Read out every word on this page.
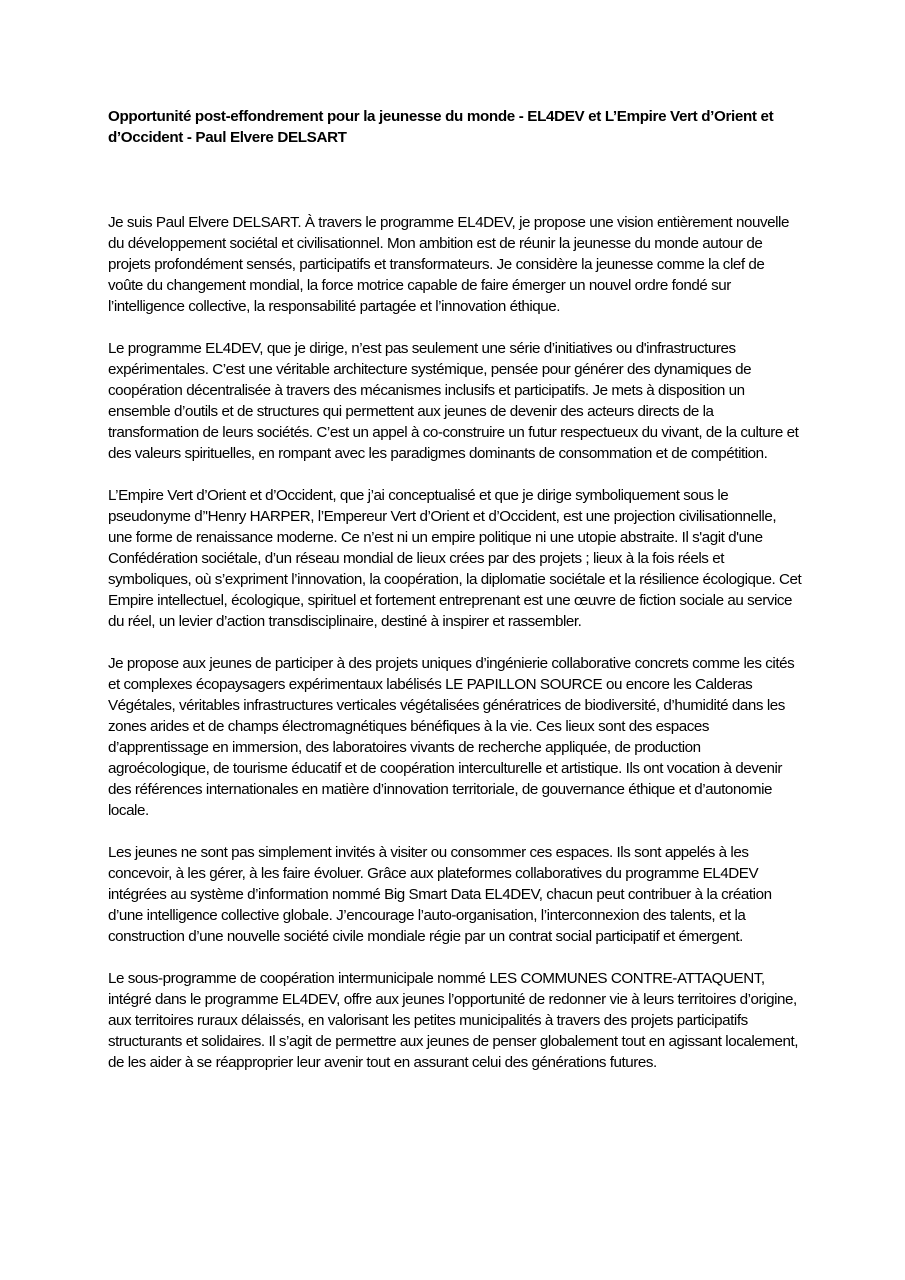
Opportunité post-effondrement pour la jeunesse du monde - EL4DEV et L’Empire Vert d’Orient et d’Occident - Paul Elvere DELSART

Je suis Paul Elvere DELSART. À travers le programme EL4DEV, je propose une vision entièrement nouvelle du développement sociétal et civilisationnel. Mon ambition est de réunir la jeunesse du monde autour de projets profondément sensés, participatifs et transformateurs. Je considère la jeunesse comme la clef de voûte du changement mondial, la force motrice capable de faire émerger un nouvel ordre fondé sur l’intelligence collective, la responsabilité partagée et l’innovation éthique.

Le programme EL4DEV, que je dirige, n’est pas seulement une série d’initiatives ou d'infrastructures expérimentales. C’est une véritable architecture systémique, pensée pour générer des dynamiques de coopération décentralisée à travers des mécanismes inclusifs et participatifs. Je mets à disposition un ensemble d’outils et de structures qui permettent aux jeunes de devenir des acteurs directs de la transformation de leurs sociétés. C’est un appel à co-construire un futur respectueux du vivant, de la culture et des valeurs spirituelles, en rompant avec les paradigmes dominants de consommation et de compétition.

L’Empire Vert d’Orient et d’Occident, que j’ai conceptualisé et que je dirige symboliquement sous le pseudonyme d’'Henry HARPER, l’Empereur Vert d’Orient et d’Occident, est une projection civilisationnelle, une forme de renaissance moderne. Ce n’est ni un empire politique ni une utopie abstraite. Il s'agit d'une Confédération sociétale, d’un réseau mondial de lieux crées par des projets ; lieux à la fois réels et symboliques, où s’expriment l’innovation, la coopération, la diplomatie sociétale et la résilience écologique. Cet Empire intellectuel, écologique, spirituel et fortement entreprenant est une œuvre de fiction sociale au service du réel, un levier d’action transdisciplinaire, destiné à inspirer et rassembler.

Je propose aux jeunes de participer à des projets uniques d’ingénierie collaborative concrets comme les cités et complexes écopaysagers expérimentaux labélisés LE PAPILLON SOURCE ou encore les Calderas Végétales, véritables infrastructures verticales végétalisées génératrices de biodiversité, d’humidité dans les zones arides et de champs électromagnétiques bénéfiques à la vie. Ces lieux sont des espaces d’apprentissage en immersion, des laboratoires vivants de recherche appliquée, de production agroécologique, de tourisme éducatif et de coopération interculturelle et artistique. Ils ont vocation à devenir des références internationales en matière d’innovation territoriale, de gouvernance éthique et d’autonomie locale.

Les jeunes ne sont pas simplement invités à visiter ou consommer ces espaces. Ils sont appelés à les concevoir, à les gérer, à les faire évoluer. Grâce aux plateformes collaboratives du programme EL4DEV intégrées au système d’information nommé Big Smart Data EL4DEV, chacun peut contribuer à la création d’une intelligence collective globale. J’encourage l’auto-organisation, l’interconnexion des talents, et la construction d’une nouvelle société civile mondiale régie par un contrat social participatif et émergent.

Le sous-programme de coopération intermunicipale nommé LES COMMUNES CONTRE-ATTAQUENT, intégré dans le programme EL4DEV, offre aux jeunes l’opportunité de redonner vie à leurs territoires d’origine, aux territoires ruraux délaissés, en valorisant les petites municipalités à travers des projets participatifs structurants et solidaires. Il s’agit de permettre aux jeunes de penser globalement tout en agissant localement, de les aider à se réapproprier leur avenir tout en assurant celui des générations futures.
